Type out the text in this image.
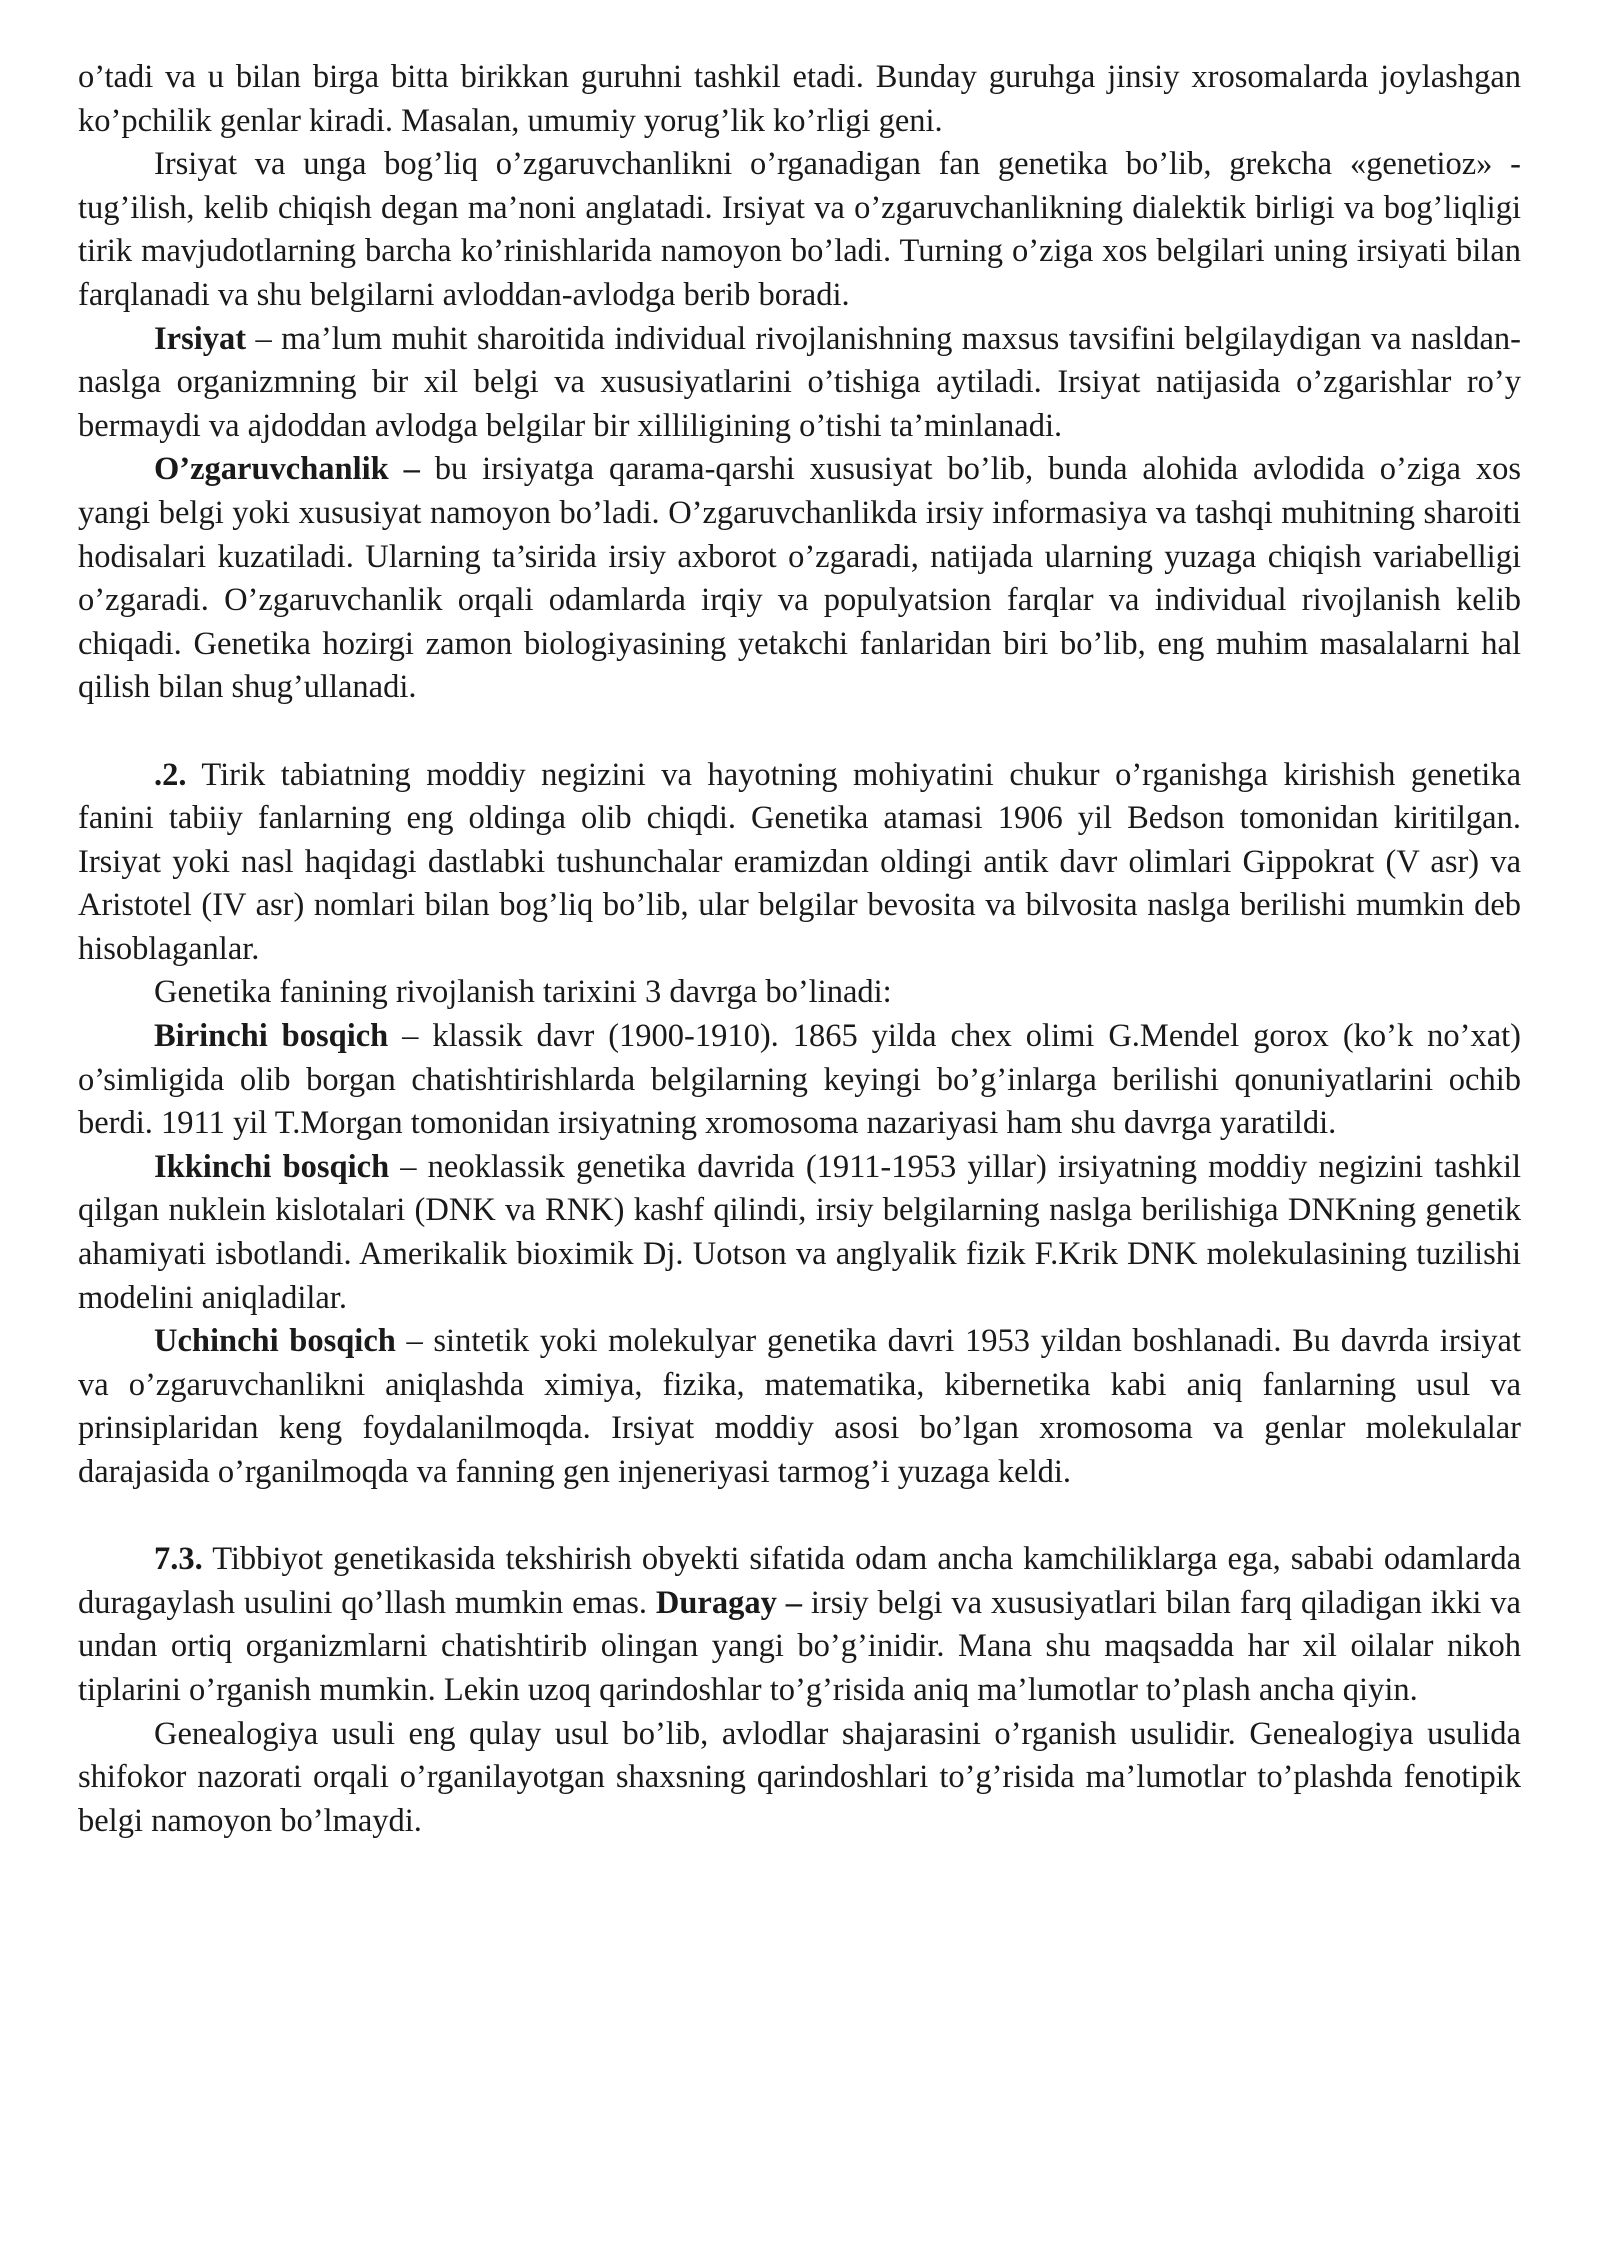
o’tadi va u bilan birga bitta birikkan guruhni tashkil etadi. Bunday guruhga jinsiy xrosomalarda joylashgan ko’pchilik genlar kiradi. Masalan, umumiy yorug’lik ko’rligi geni.

Irsiyat va unga bog’liq o’zgaruvchanlikni o’rganadigan fan genetika bo’lib, grekcha «genetioz» - tug’ilish, kelib chiqish degan ma’noni anglatadi. Irsiyat va o’zgaruvchanlikning dialektik birligi va bog’liqligi tirik mavjudotlarning barcha ko’rinishlarida namoyon bo’ladi. Turning o’ziga xos belgilari uning irsiyati bilan farqlanadi va shu belgilarni avloddan-avlodga berib boradi.

Irsiyat – ma’lum muhit sharoitida individual rivojlanishning maxsus tavsifini belgilaydigan va nasldan-naslga organizmning bir xil belgi va xususiyatlarini o’tishiga aytiladi. Irsiyat natijasida o’zgarishlar ro’y bermaydi va ajdoddan avlodga belgilar bir xilliligining o’tishi ta’minlanadi.

O’zgaruvchanlik – bu irsiyatga qarama-qarshi xususiyat bo’lib, bunda alohida avlodida o’ziga xos yangi belgi yoki xususiyat namoyon bo’ladi. O’zgaruvchanlikda irsiy informasiya va tashqi muhitning sharoiti hodisalari kuzatiladi. Ularning ta’sirida irsiy axborot o’zgaradi, natijada ularning yuzaga chiqish variabelligi o’zgaradi. O’zgaruvchanlik orqali odamlarda irqiy va populyatsion farqlar va individual rivojlanish kelib chiqadi. Genetika hozirgi zamon biologiyasining yetakchi fanlaridan biri bo’lib, eng muhim masalalarni hal qilish bilan shug’ullanadi.

.2. Tirik tabiatning moddiy negizini va hayotning mohiyatini chukur o’rganishga kirishish genetika fanini tabiiy fanlarning eng oldinga olib chiqdi. Genetika atamasi 1906 yil Bedson tomonidan kiritilgan. Irsiyat yoki nasl haqidagi dastlabki tushunchalar eramizdan oldingi antik davr olimlari Gippokrat (V asr) va Aristotel (IV asr) nomlari bilan bog’liq bo’lib, ular belgilar bevosita va bilvosita naslga berilishi mumkin deb hisoblaganlar.

Genetika fanining rivojlanish tarixini 3 davrga bo’linadi:

Birinchi bosqich – klassik davr (1900-1910). 1865 yilda chex olimi G.Mendel gorox (ko’k no’xat) o’simligida olib borgan chatishtirishlarda belgilarning keyingi bo’g’inlarga berilishi qonuniyatlarini ochib berdi. 1911 yil T.Morgan tomonidan irsiyatning xromosoma nazariyasi ham shu davrga yaratildi.

Ikkinchi bosqich – neoklassik genetika davrida (1911-1953 yillar) irsiyatning moddiy negizini tashkil qilgan nuklein kislotalari (DNK va RNK) kashf qilindi, irsiy belgilarning naslga berilishiga DNKning genetik ahamiyati isbotlandi. Amerikalik bioximik Dj. Uotson va anglyalik fizik F.Krik DNK molekulasining tuzilishi modelini aniqladilar.

Uchinchi bosqich – sintetik yoki molekulyar genetika davri 1953 yildan boshlanadi. Bu davrda irsiyat va o’zgaruvchanlikni aniqlashda ximiya, fizika, matematika, kibernetika kabi aniq fanlarning usul va prinsiplaridan keng foydalanilmoqda. Irsiyat moddiy asosi bo’lgan xromosoma va genlar molekulalar darajasida o’rganilmoqda va fanning gen injeneriyasi tarmog’i yuzaga keldi.

7.3. Tibbiyot genetikasida tekshirish obyekti sifatida odam ancha kamchiliklarga ega, sababi odamlarda duragaylash usulini qo’llash mumkin emas. Duragay – irsiy belgi va xususiyatlari bilan farq qiladigan ikki va undan ortiq organizmlarni chatishtirib olingan yangi bo’g’inidir. Mana shu maqsadda har xil oilalar nikoh tiplarini o’rganish mumkin. Lekin uzoq qarindoshlar to’g’risida aniq ma’lumotlar to’plash ancha qiyin.

Genealogiya usuli eng qulay usul bo’lib, avlodlar shajarasini o’rganish usulidir. Genealogiya usulida shifokor nazorati orqali o’rganilayotgan shaxsning qarindoshlari to’g’risida ma’lumotlar to’plashda fenotipik belgi namoyon bo’lmaydi.
